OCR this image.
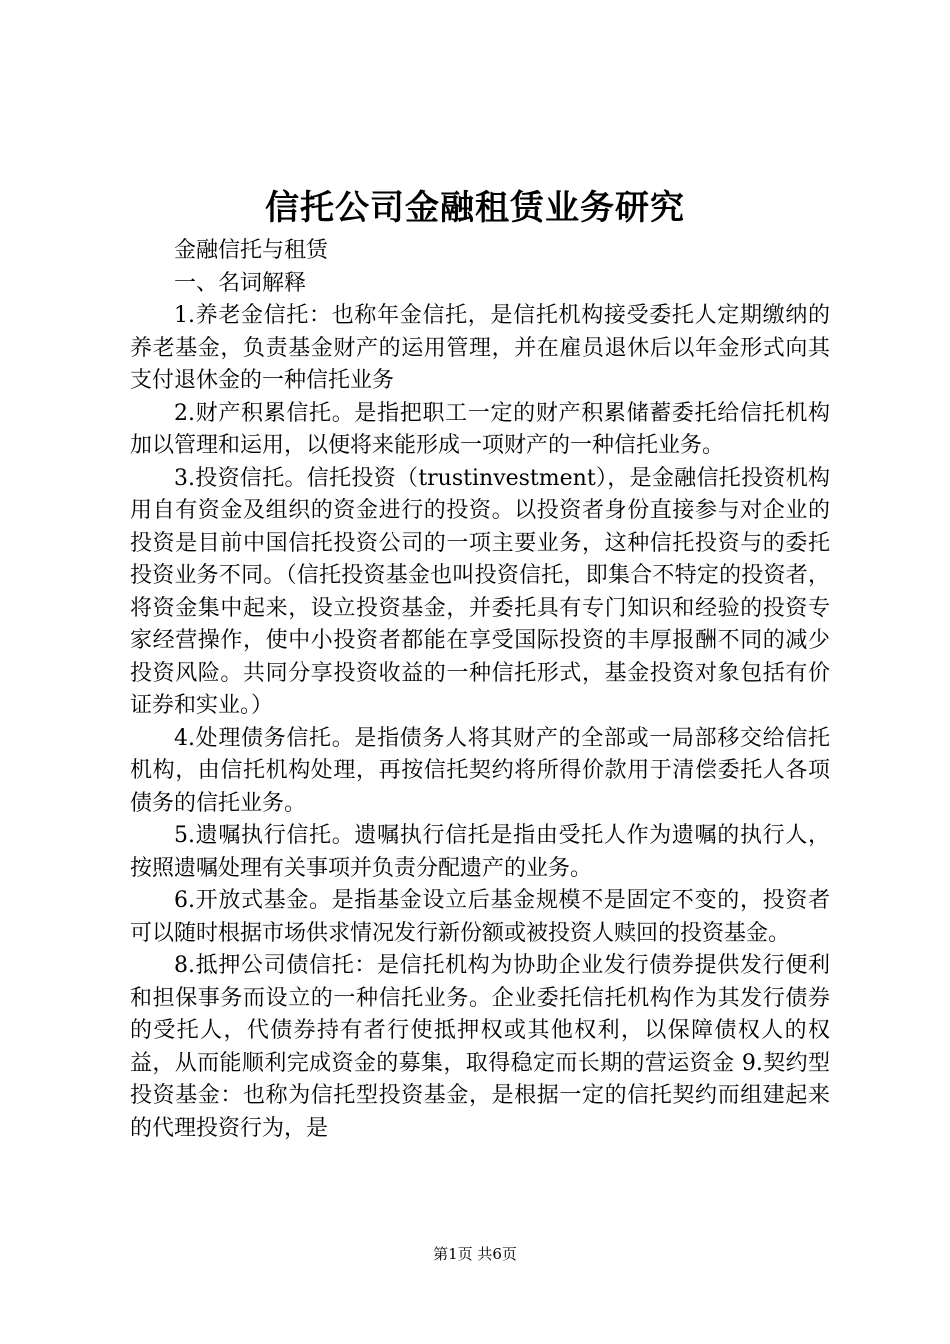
信托公司金融租赁业务研究

金融信托与租赁

一、名词解释

1.养老金信托：也称年金信托，是信托机构接受委托人定期缴纳的养老基金，负责基金财产的运用管理，并在雇员退休后以年金形式向其支付退休金的一种信托业务

2.财产积累信托。是指把职工一定的财产积累储蓄委托给信托机构加以管理和运用，以便将来能形成一项财产的一种信托业务。

3.投资信托。信托投资（trustinvestment），是金融信托投资机构用自有资金及组织的资金进行的投资。以投资者身份直接参与对企业的投资是目前中国信托投资公司的一项主要业务，这种信托投资与的委托投资业务不同。（信托投资基金也叫投资信托，即集合不特定的投资者，将资金集中起来，设立投资基金，并委托具有专门知识和经验的投资专家经营操作，使中小投资者都能在享受国际投资的丰厚报酬不同的减少投资风险。共同分享投资收益的一种信托形式，基金投资对象包括有价证券和实业。）

4.处理债务信托。是指债务人将其财产的全部或一局部移交给信托机构，由信托机构处理，再按信托契约将所得价款用于清偿委托人各项债务的信托业务。

5.遗嘱执行信托。遗嘱执行信托是指由受托人作为遗嘱的执行人，按照遗嘱处理有关事项并负责分配遗产的业务。

6.开放式基金。是指基金设立后基金规模不是固定不变的，投资者可以随时根据市场供求情况发行新份额或被投资人赎回的投资基金。

8.抵押公司债信托：是信托机构为协助企业发行债券提供发行便利和担保事务而设立的一种信托业务。企业委托信托机构作为其发行债券的受托人，代债券持有者行使抵押权或其他权利，以保障债权人的权益，从而能顺利完成资金的募集，取得稳定而长期的营运资金 9.契约型投资基金：也称为信托型投资基金，是根据一定的信托契约而组建起来的代理投资行为，是

第1页 共6页
